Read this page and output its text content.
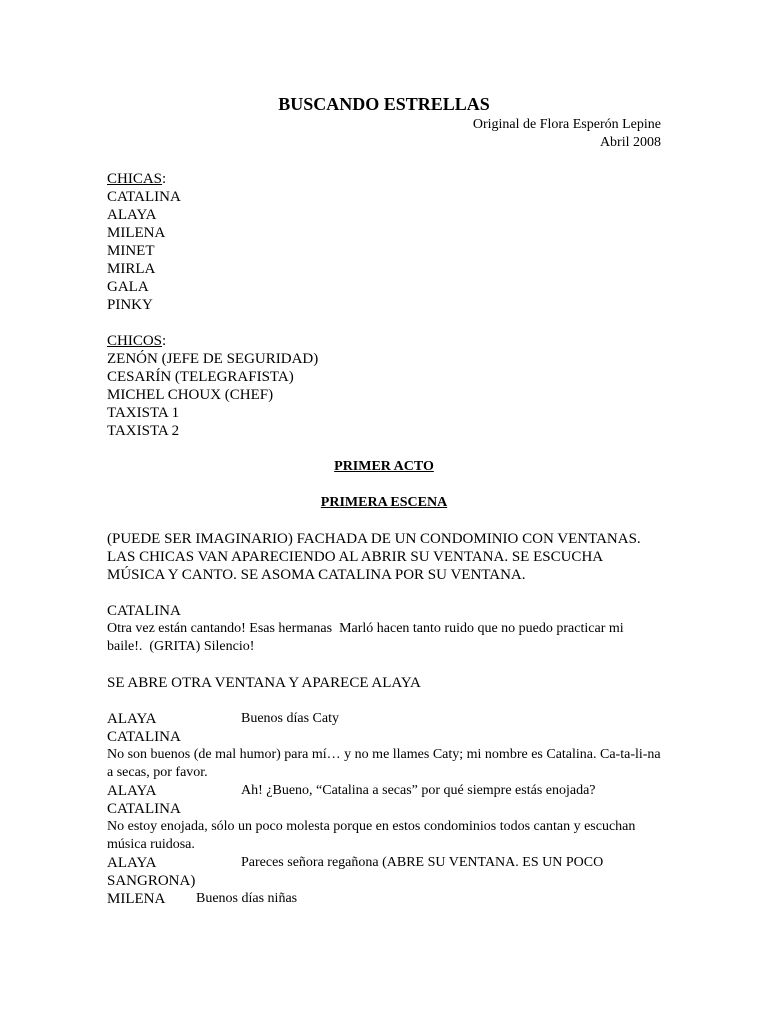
BUSCANDO ESTRELLAS
Original de Flora Esperón Lepine
Abril 2008
CHICAS:
CATALINA
ALAYA
MILENA
MINET
MIRLA
GALA
PINKY
CHICOS:
ZENÓN (JEFE DE SEGURIDAD)
CESARÍN (TELEGRAFISTA)
MICHEL CHOUX (CHEF)
TAXISTA 1
TAXISTA 2
PRIMER ACTO
PRIMERA ESCENA
(PUEDE SER IMAGINARIO) FACHADA DE UN CONDOMINIO CON VENTANAS. LAS CHICAS VAN APARECIENDO AL ABRIR SU VENTANA. SE ESCUCHA MÚSICA Y CANTO. SE ASOMA CATALINA POR SU VENTANA.
CATALINA
Otra vez están cantando! Esas hermanas  Marló hacen tanto ruido que no puedo practicar mi baile!.  (GRITA) Silencio!
SE ABRE OTRA VENTANA Y APARECE ALAYA
ALAYA	Buenos días Caty
CATALINA
No son buenos (de mal humor) para mí… y no me llames Caty; mi nombre es Catalina. Ca-ta-li-na a secas, por favor.
ALAYA	Ah! ¿Bueno, “Catalina a secas” por qué siempre estás enojada?
CATALINA
No estoy enojada, sólo un poco molesta porque en estos condominios todos cantan y escuchan música ruidosa.
ALAYA	Pareces señora regañona (ABRE SU VENTANA. ES UN POCO
SANGRONA)
MILENA	Buenos días niñas
